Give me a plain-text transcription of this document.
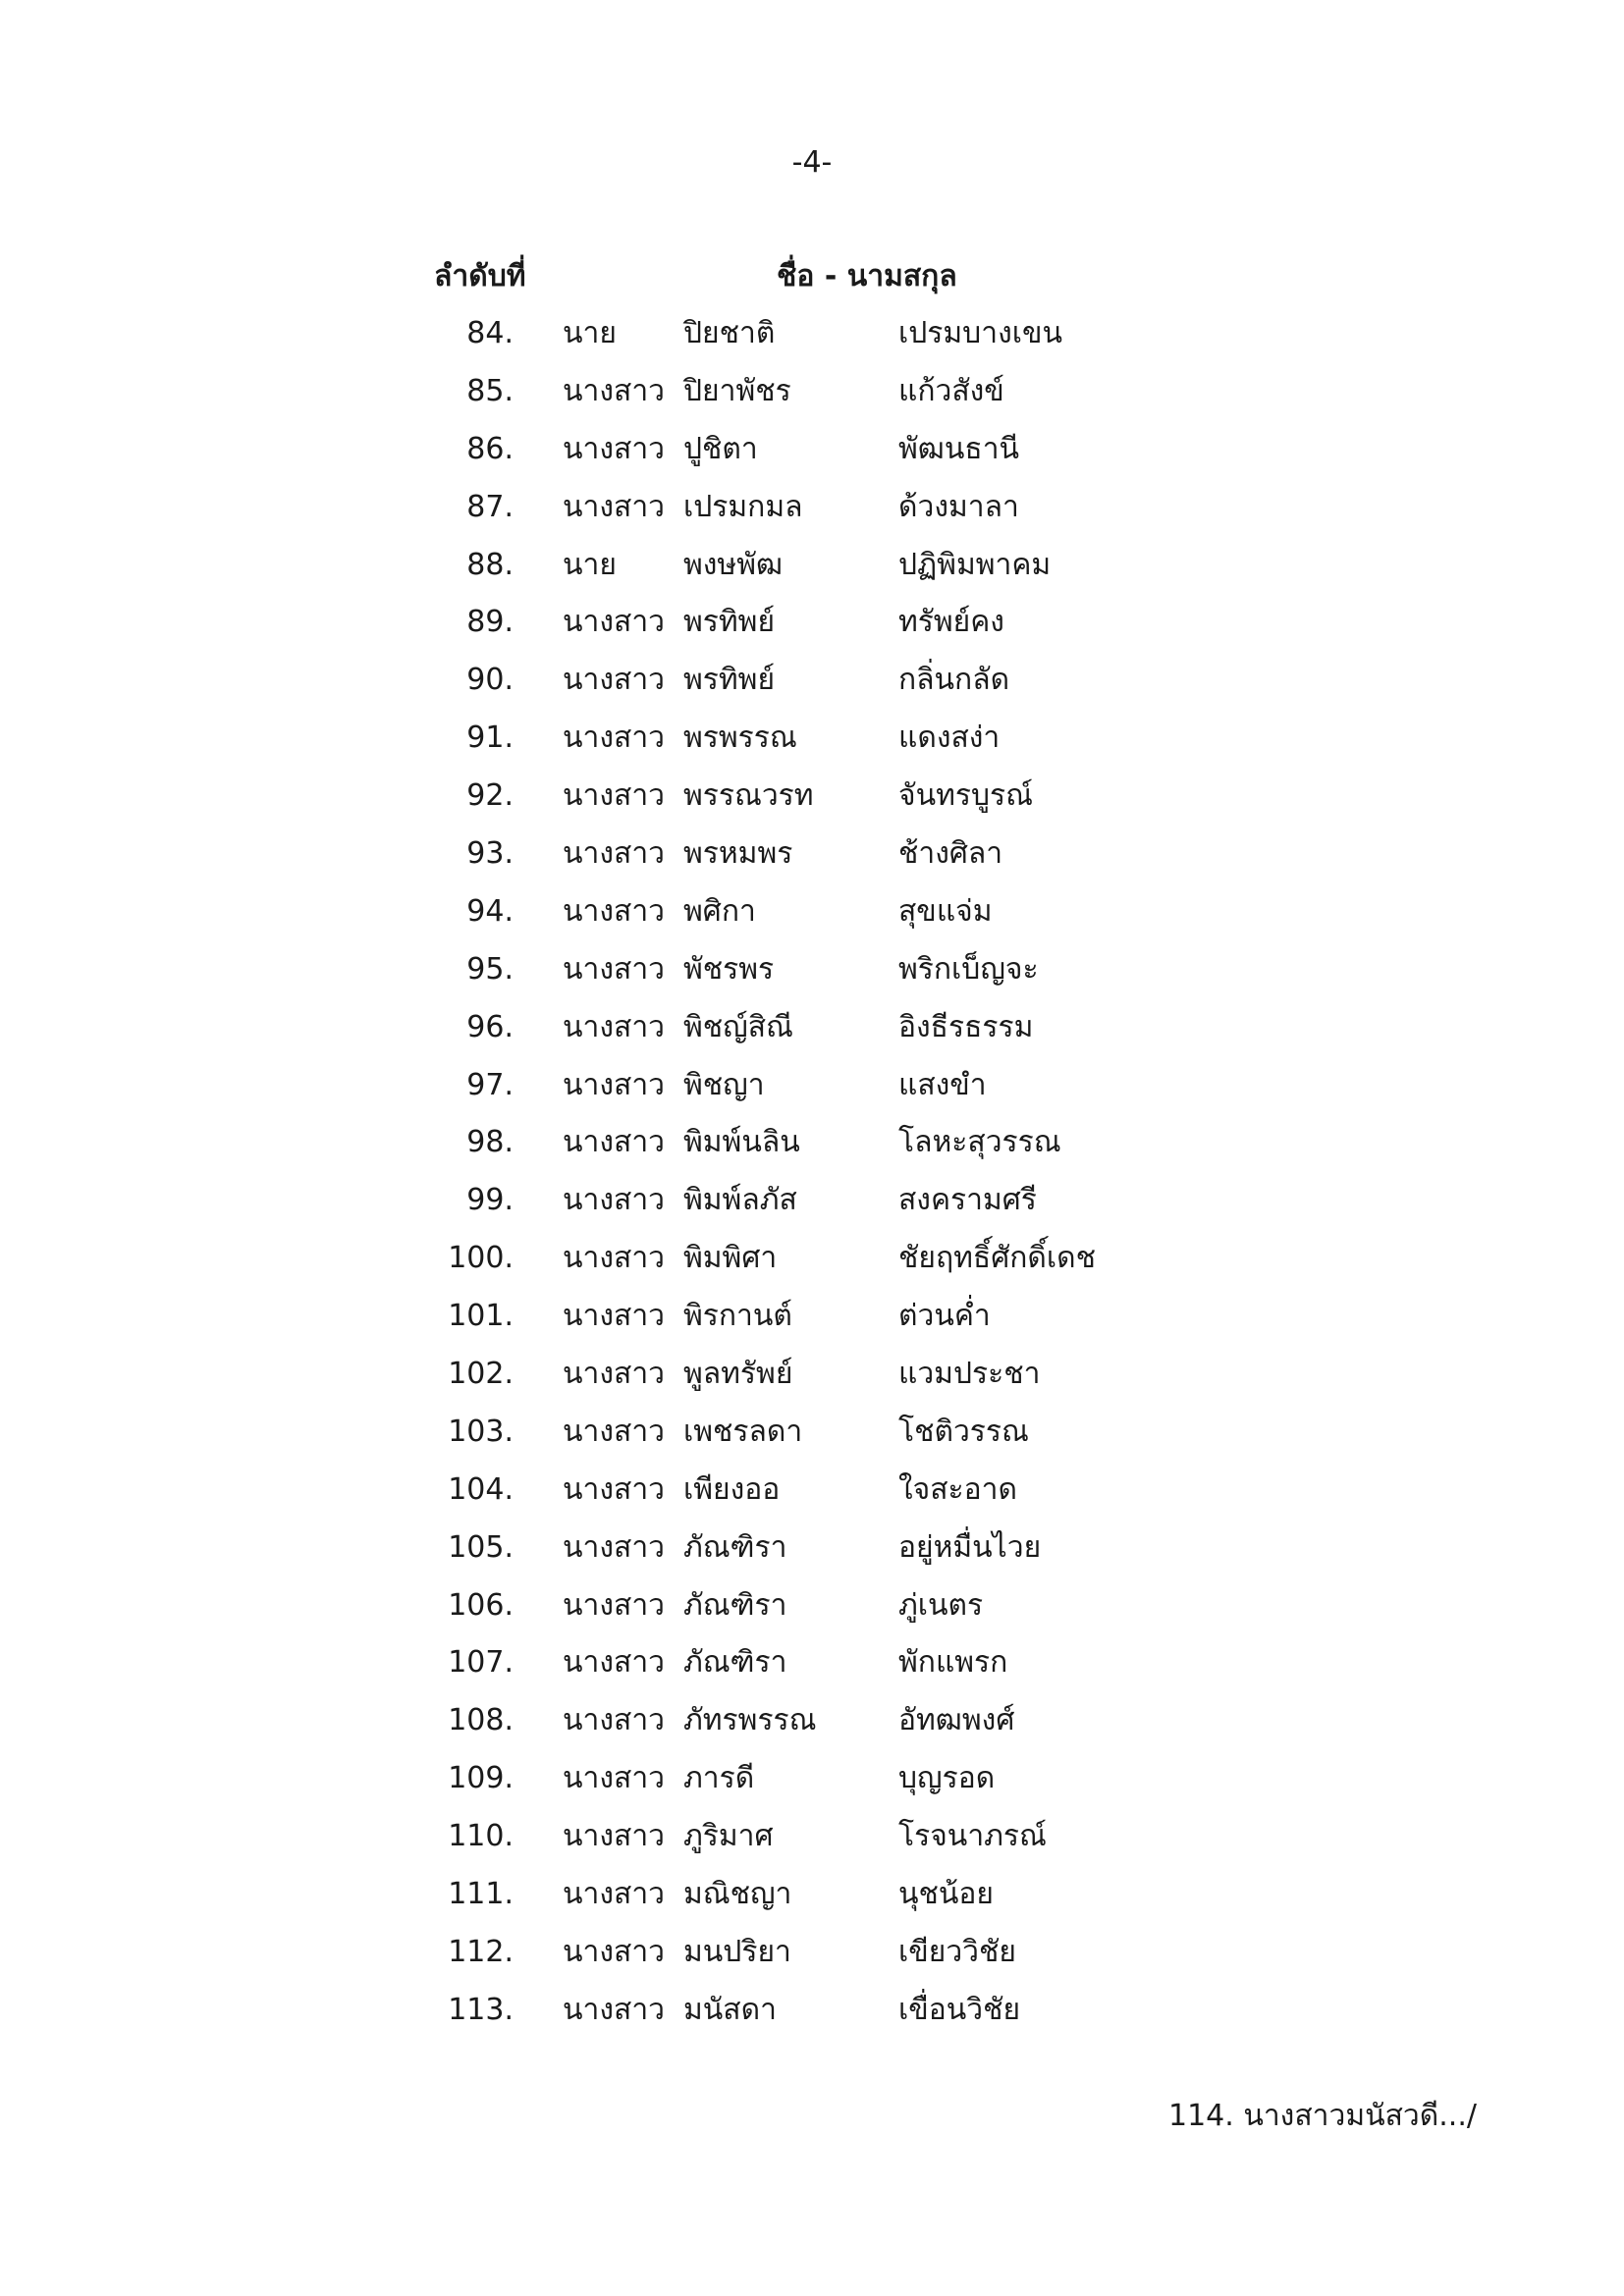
-4-
ลำดับที่	ชื่อ - นามสกุล
84. นาย ปิยชาติ	เปรมบางเขน
85. นางสาว ปิยาพัชร	แก้วสังข์
86. นางสาว ปูชิตา	พัฒนธานี
87. นางสาว เปรมกมล	ด้วงมาลา
88. นาย พงษพัฒ	ปฏิพิมพาคม
89. นางสาว พรทิพย์	ทรัพย์คง
90. นางสาว พรทิพย์	กลิ่นกลัด
91. นางสาว พรพรรณ	แดงสง่า
92. นางสาว พรรณวรท	จันทรบูรณ์
93. นางสาว พรหมพร	ช้างศิลา
94. นางสาว พศิกา	สุขแจ่ม
95. นางสาว พัชรพร	พริกเบ็ญจะ
96. นางสาว พิชญ์สิณี	อิงธีรธรรม
97. นางสาว พิชญา	แสงขำ
98. นางสาว พิมพ์นลิน	โลหะสุวรรณ
99. นางสาว พิมพ์ลภัส	สงครามศรี
100. นางสาว พิมพิศา	ชัยฤทธิ์ศักดิ์เดช
101. นางสาว พิรกานต์	ต่วนค่ำ
102. นางสาว พูลทรัพย์	แวมประชา
103. นางสาว เพชรลดา	โชติวรรณ
104. นางสาว เพียงออ	ใจสะอาด
105. นางสาว ภัณฑิรา	อยู่หมื่นไวย
106. นางสาว ภัณฑิรา	ภู่เนตร
107. นางสาว ภัณฑิรา	พักแพรก
108. นางสาว ภัทรพรรณ	อัทฒพงศ์
109. นางสาว ภารดี	บุญรอด
110. นางสาว ภูริมาศ	โรจนาภรณ์
111. นางสาว มณิชญา	นุชน้อย
112. นางสาว มนปริยา	เขียววิชัย
113. นางสาว มนัสดา	เขื่อนวิชัย
114. นางสาวมนัสวดี.../
